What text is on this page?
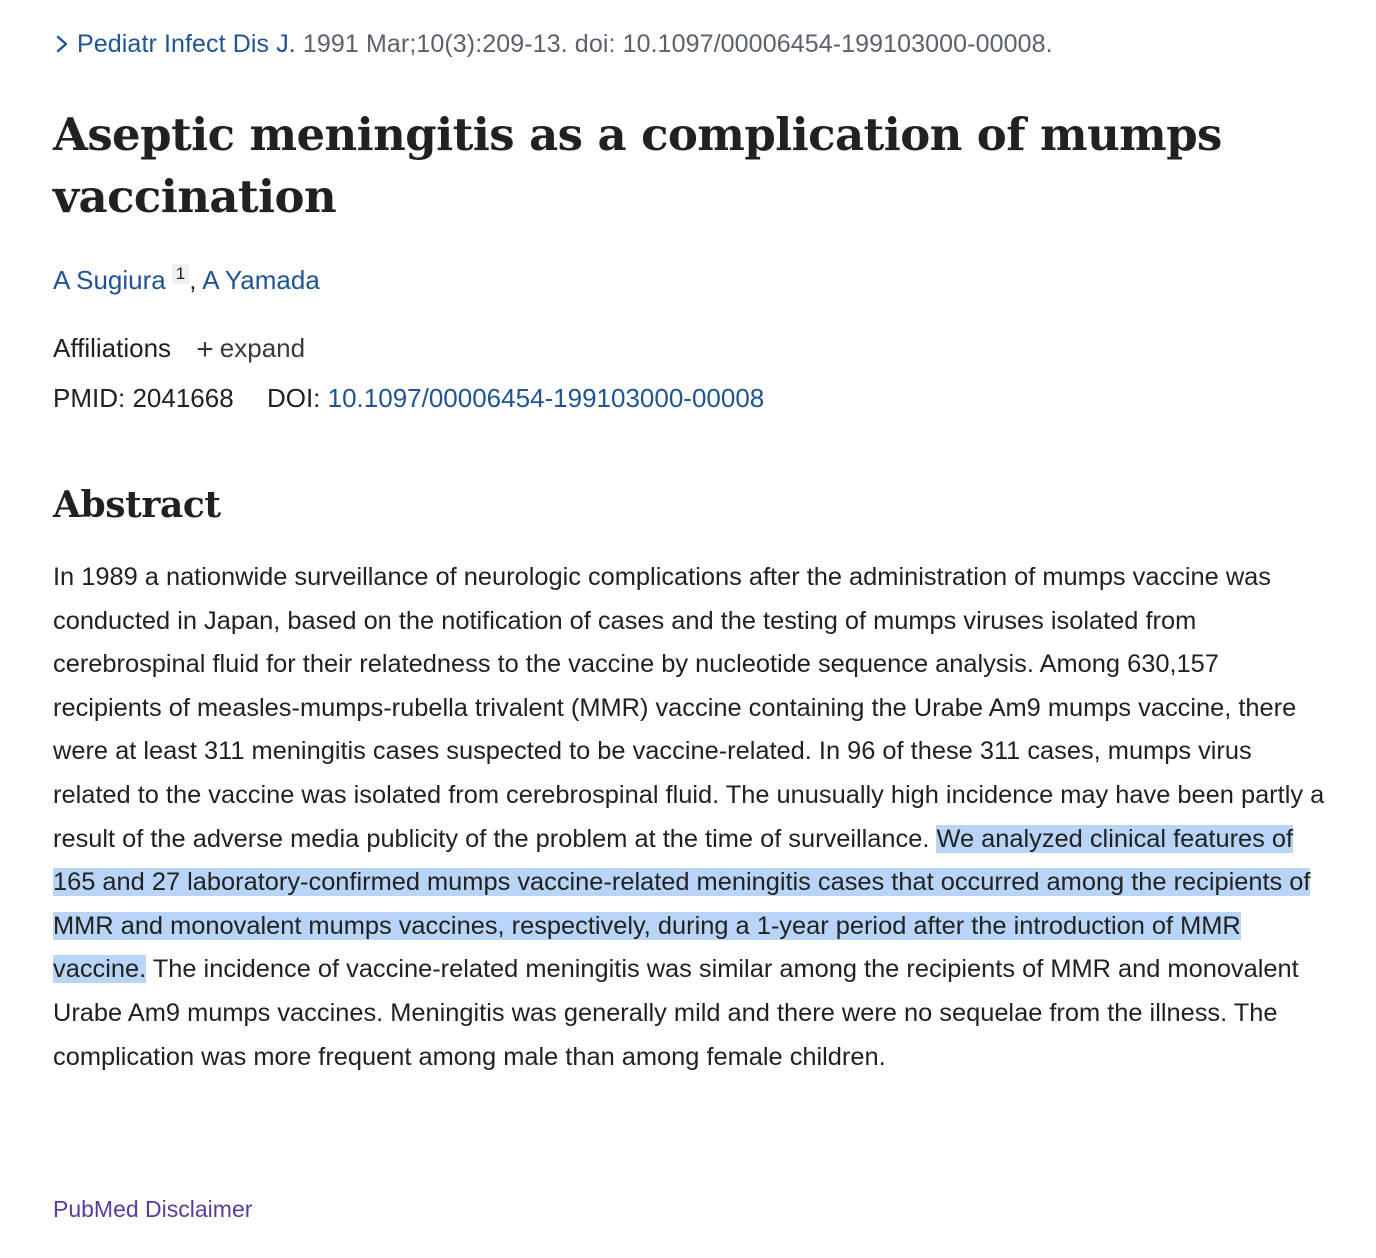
Pediatr Infect Dis J. 1991 Mar;10(3):209-13. doi: 10.1097/00006454-199103000-00008.
Aseptic meningitis as a complication of mumps vaccination
A Sugiura 1 , A Yamada
Affiliations + expand
PMID: 2041668 DOI: 10.1097/00006454-199103000-00008
Abstract

In 1989 a nationwide surveillance of neurologic complications after the administration of mumps vaccine was conducted in Japan, based on the notification of cases and the testing of mumps viruses isolated from cerebrospinal fluid for their relatedness to the vaccine by nucleotide sequence analysis. Among 630,157 recipients of measles-mumps-rubella trivalent (MMR) vaccine containing the Urabe Am9 mumps vaccine, there were at least 311 meningitis cases suspected to be vaccine-related. In 96 of these 311 cases, mumps virus related to the vaccine was isolated from cerebrospinal fluid. The unusually high incidence may have been partly a result of the adverse media publicity of the problem at the time of surveillance. We analyzed clinical features of 165 and 27 laboratory-confirmed mumps vaccine-related meningitis cases that occurred among the recipients of MMR and monovalent mumps vaccines, respectively, during a 1-year period after the introduction of MMR vaccine. The incidence of vaccine-related meningitis was similar among the recipients of MMR and monovalent Urabe Am9 mumps vaccines. Meningitis was generally mild and there were no sequelae from the illness. The complication was more frequent among male than among female children.

PubMed Disclaimer
